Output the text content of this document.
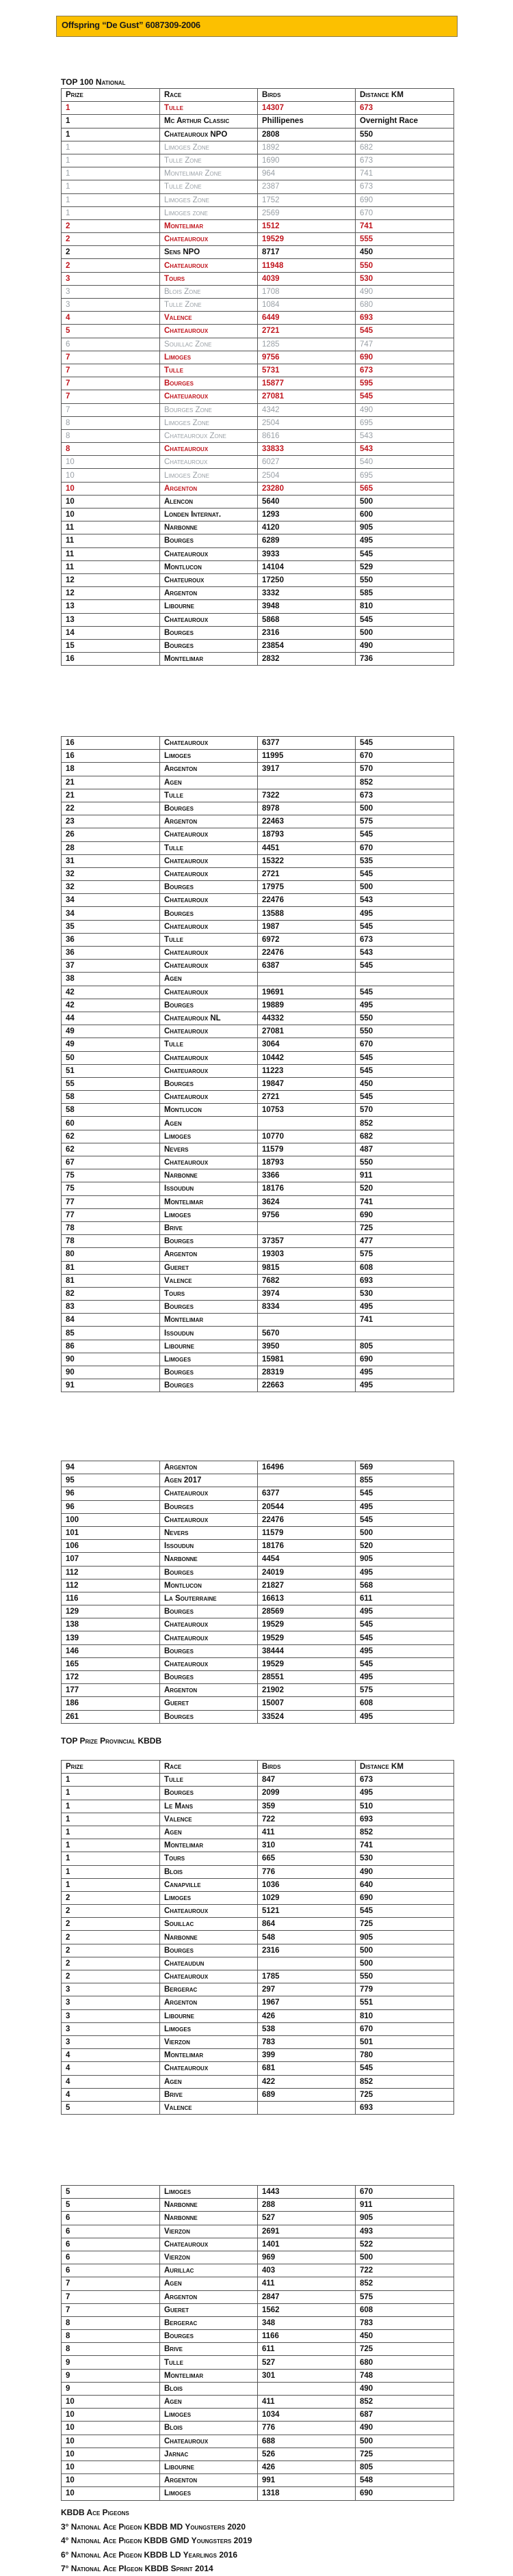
Offspring “De Gust” 6087309-2006
TOP 100 National
Prize	Race	Birds	Distance KM
1	Tulle	14307	673
1	Mc Arthur Classic	Phillipenes	Overnight Race
1	Chateauroux NPO	2808	550
1	Limoges Zone	1892	682
1	Tulle Zone	1690	673
1	Montelimar Zone	964	741
1	Tulle Zone	2387	673
1	Limoges Zone	1752	690
1	Limoges zone	2569	670
2	Montelimar	1512	741
2	Chateauroux	19529	555
2	Sens NPO	8717	450
2	Chateauroux	11948	550
3	Tours	4039	530
3	Blois Zone	1708	490
3	Tulle Zone	1084	680
4	Valence	6449	693
5	Chateauroux	2721	545
6	Souillac Zone	1285	747
7	Limoges	9756	690
7	Tulle	5731	673
7	Bourges	15877	595
7	Chateuaroux	27081	545
7	Bourges Zone	4342	490
8	Limoges Zone	2504	695
8	Chateauroux Zone	8616	543
8	Chateauroux	33833	543
10	Chateauroux	6027	540
10	Limoges Zone	2504	695
10	Argenton	23280	565
10	Alencon	5640	500
10	Londen Internat.	1293	600
11	Narbonne	4120	905
11	Bourges	6289	495
11	Chateauroux	3933	545
11	Montlucon	14104	529
12	Chateuroux	17250	550
12	Argenton	3332	585
13	Libourne	3948	810
13	Chateauroux	5868	545
14	Bourges	2316	500
15	Bourges	23854	490
16	Montelimar	2832	736
16	Chateauroux	6377	545
16	Limoges	11995	670
18	Argenton	3917	570
21	Agen		852
21	Tulle	7322	673
22	Bourges	8978	500
23	Argenton	22463	575
26	Chateauroux	18793	545
28	Tulle	4451	670
31	Chateauroux	15322	535
32	Chateauroux	2721	545
32	Bourges	17975	500
34	Chateauroux	22476	543
34	Bourges	13588	495
35	Chateauroux	1987	545
36	Tulle	6972	673
36	Chateauroux	22476	543
37	Chateauroux	6387	545
38	Agen		
42	Chateauroux	19691	545
42	Bourges	19889	495
44	Chateauroux NL	44332	550
49	Chateauroux	27081	550
49	Tulle	3064	670
50	Chateauroux	10442	545
51	Chateuaroux	11223	545
55	Bourges	19847	450
58	Chateauroux	2721	545
58	Montlucon	10753	570
60	Agen		852
62	Limoges	10770	682
62	Nevers	11579	487
67	Chateauroux	18793	550
75	Narbonne	3366	911
75	Issoudun	18176	520
77	Montelimar	3624	741
77	Limoges	9756	690
78	Brive		725
78	Bourges	37357	477
80	Argenton	19303	575
81	Gueret	9815	608
81	Valence	7682	693
82	Tours	3974	530
83	Bourges	8334	495
84	Montelimar		741
85	Issoudun	5670	
86	Libourne	3950	805
90	Limoges	15981	690
90	Bourges	28319	495
91	Bourges	22663	495
94	Argenton	16496	569
95	Agen 2017		855
96	Chateauroux	6377	545
96	Bourges	20544	495
100	Chateauroux	22476	545
101	Nevers	11579	500
106	Issoudun	18176	520
107	Narbonne	4454	905
112	Bourges	24019	495
112	Montlucon	21827	568
116	La Souterraine	16613	611
129	Bourges	28569	495
138	Chateauroux	19529	545
139	Chateauroux	19529	545
146	Bourges	38444	495
165	Chateauroux	19529	545
172	Bourges	28551	495
177	Argenton	21902	575
186	Gueret	15007	608
261	Bourges	33524	495
TOP Prize Provincial KBDB
Prize	Race	Birds	Distance KM
1	Tulle	847	673
1	Bourges	2099	495
1	Le Mans	359	510
1	Valence	722	693
1	Agen	411	852
1	Montelimar	310	741
1	Tours	665	530
1	Blois	776	490
1	Canapville	1036	640
2	Limoges	1029	690
2	Chateauroux	5121	545
2	Souillac	864	725
2	Narbonne	548	905
2	Bourges	2316	500
2	Chateaudun		500
2	Chateauroux	1785	550
3	Bergerac	297	779
3	Argenton	1967	551
3	Libourne	426	810
3	Limoges	538	670
3	Vierzon	783	501
4	Montelimar	399	780
4	Chateauroux	681	545
4	Agen	422	852
4	Brive	689	725
5	Valence		693
5	Limoges	1443	670
5	Narbonne	288	911
6	Narbonne	527	905
6	Vierzon	2691	493
6	Chateauroux	1401	522
6	Vierzon	969	500
6	Aurillac	403	722
7	Agen	411	852
7	Argenton	2847	575
7	Gueret	1562	608
8	Bergerac	348	783
8	Bourges	1166	450
8	Brive	611	725
9	Tulle	527	680
9	Montelimar	301	748
9	Blois		490
10	Agen	411	852
10	Limoges	1034	687
10	Blois	776	490
10	Chateauroux	688	500
10	Jarnac	526	725
10	Libourne	426	805
10	Argenton	991	548
10	Limoges	1318	690
KBDB Ace Pigeons
3° National Ace Pigeon KBDB MD Youngsters 2020
4° National Ace Pigeon KBDB GMD Youngsters 2019
6° National Ace Pigeon KBDB LD Yearlings 2016
7° National Ace PIgeon KBDB Sprint 2014
